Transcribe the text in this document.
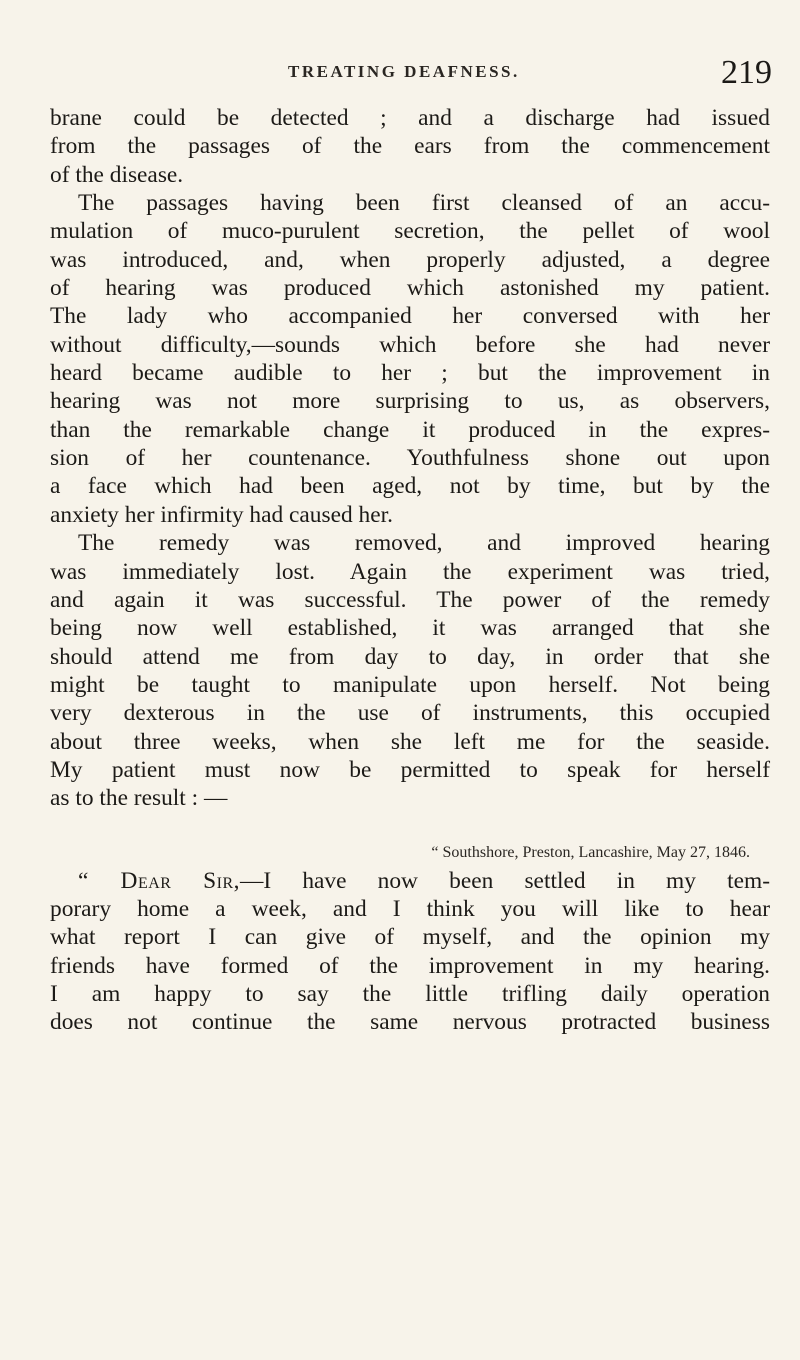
TREATING DEAFNESS.	219
brane could be detected ; and a discharge had issued
from the passages of the ears from the commencement
of the disease.
The passages having been first cleansed of an accu-
mulation of muco-purulent secretion, the pellet of wool
was introduced, and, when properly adjusted, a degree
of hearing was produced which astonished my patient.
The lady who accompanied her conversed with her
without difficulty,—sounds which before she had never
heard became audible to her ; but the improvement in
hearing was not more surprising to us, as observers,
than the remarkable change it produced in the expres-
sion of her countenance. Youthfulness shone out upon
a face which had been aged, not by time, but by the
anxiety her infirmity had caused her.
The remedy was removed, and improved hearing
was immediately lost. Again the experiment was tried,
and again it was successful. The power of the remedy
being now well established, it was arranged that she
should attend me from day to day, in order that she
might be taught to manipulate upon herself. Not being
very dexterous in the use of instruments, this occupied
about three weeks, when she left me for the seaside.
My patient must now be permitted to speak for herself
as to the result : —
“ Southshore, Preston, Lancashire, May 27, 1846.
“ Dear Sir,—I have now been settled in my tem-
porary home a week, and I think you will like to hear
what report I can give of myself, and the opinion my
friends have formed of the improvement in my hearing.
I am happy to say the little trifling daily operation
does not continue the same nervous protracted business
